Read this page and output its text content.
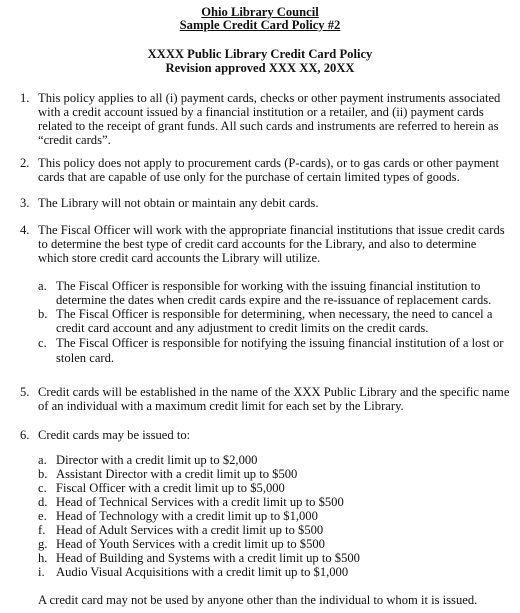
Ohio Library Council
Sample Credit Card Policy #2
XXXX Public Library Credit Card Policy
Revision approved XXX XX, 20XX
1. This policy applies to all (i) payment cards, checks or other payment instruments associated
with a credit account issued by a financial institution or a retailer, and (ii) payment cards
related to the receipt of grant funds. All such cards and instruments are referred to herein as
“credit cards”.
2. This policy does not apply to procurement cards (P-cards), or to gas cards or other payment
cards that are capable of use only for the purchase of certain limited types of goods.
3. The Library will not obtain or maintain any debit cards.
4. The Fiscal Officer will work with the appropriate financial institutions that issue credit cards
to determine the best type of credit card accounts for the Library, and also to determine
which store credit card accounts the Library will utilize.
a. The Fiscal Officer is responsible for working with the issuing financial institution to
determine the dates when credit cards expire and the re-issuance of replacement cards.
b. The Fiscal Officer is responsible for determining, when necessary, the need to cancel a
credit card account and any adjustment to credit limits on the credit cards.
c. The Fiscal Officer is responsible for notifying the issuing financial institution of a lost or
stolen card.
5. Credit cards will be established in the name of the XXX Public Library and the specific name
of an individual with a maximum credit limit for each set by the Library.
6. Credit cards may be issued to:
a. Director with a credit limit up to $2,000
b. Assistant Director with a credit limit up to $500
c. Fiscal Officer with a credit limit up to $5,000
d. Head of Technical Services with a credit limit up to $500
e. Head of Technology with a credit limit up to $1,000
f. Head of Adult Services with a credit limit up to $500
g. Head of Youth Services with a credit limit up to $500
h. Head of Building and Systems with a credit limit up to $500
i. Audio Visual Acquisitions with a credit limit up to $1,000
A credit card may not be used by anyone other than the individual to whom it is issued.
